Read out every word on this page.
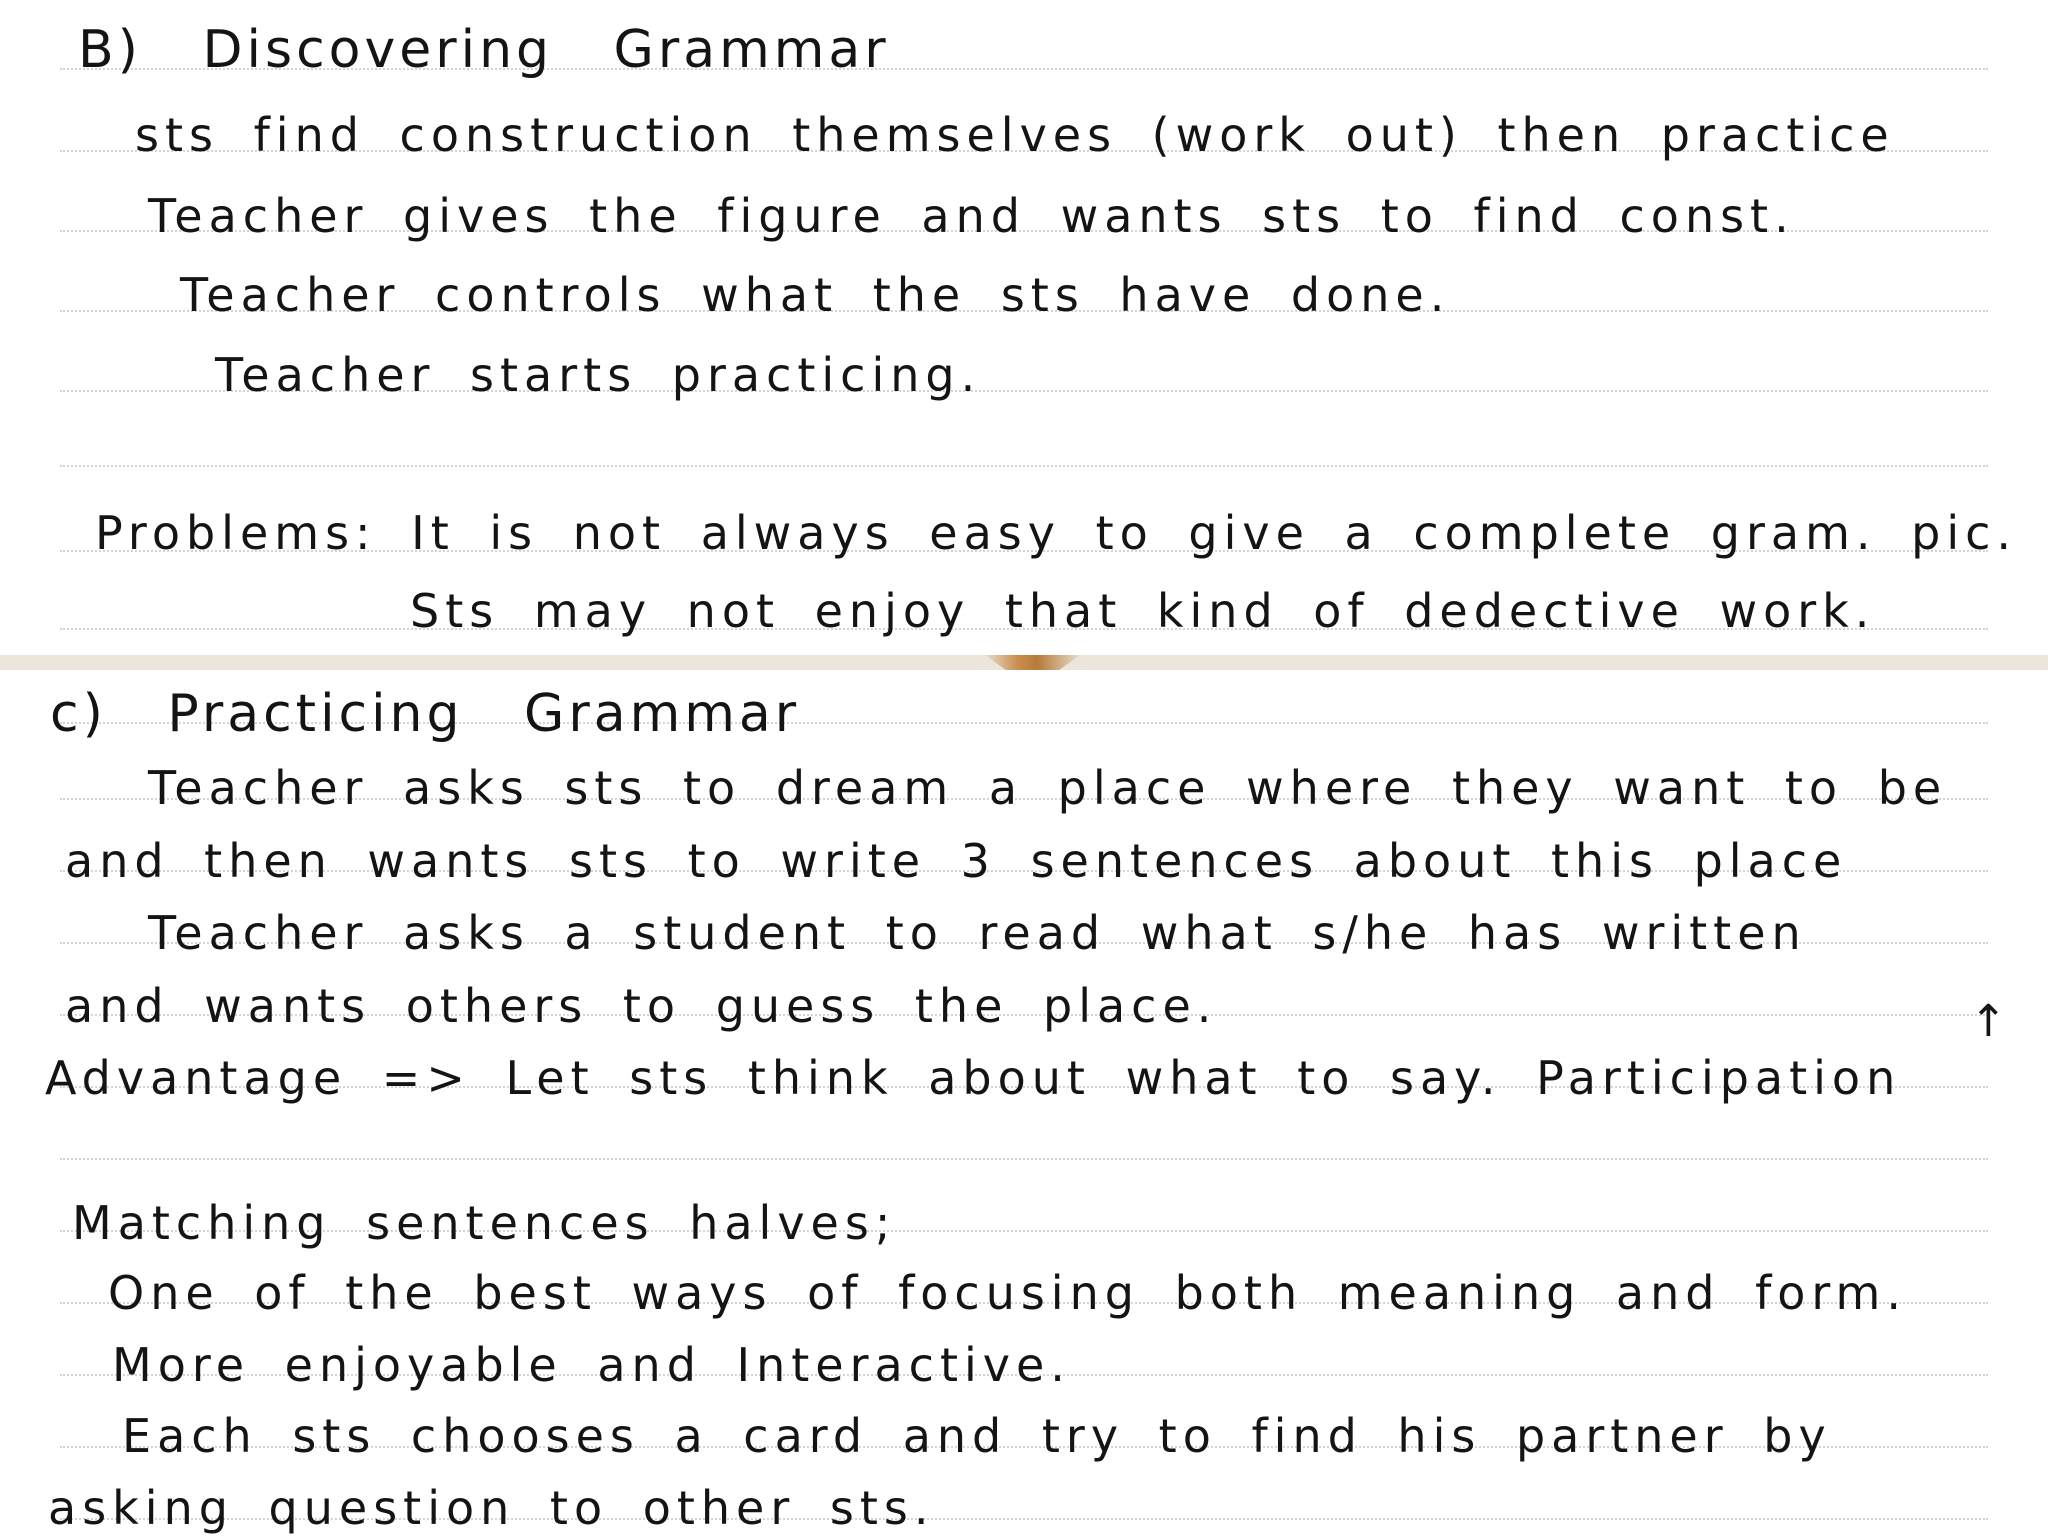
B) Discovering Grammar
sts find construction themselves (work out) then practice
Teacher gives the figure and wants sts to find const.
Teacher controls what the sts have done.
Teacher starts practicing.
Problems: It is not always easy to give a complete gram. pic.
Sts may not enjoy that kind of dedective work.
c) Practicing Grammar
Teacher asks sts to dream a place where they want to be
and then wants sts to write 3 sentences about this place
Teacher asks a student to read what s/he has written
and wants others to guess the place.
Advantage => Let sts think about what to say. Participation
↑
Matching sentences halves;
One of the best ways of focusing both meaning and form.
More enjoyable and Interactive.
Each sts chooses a card and try to find his partner by
asking question to other sts.
